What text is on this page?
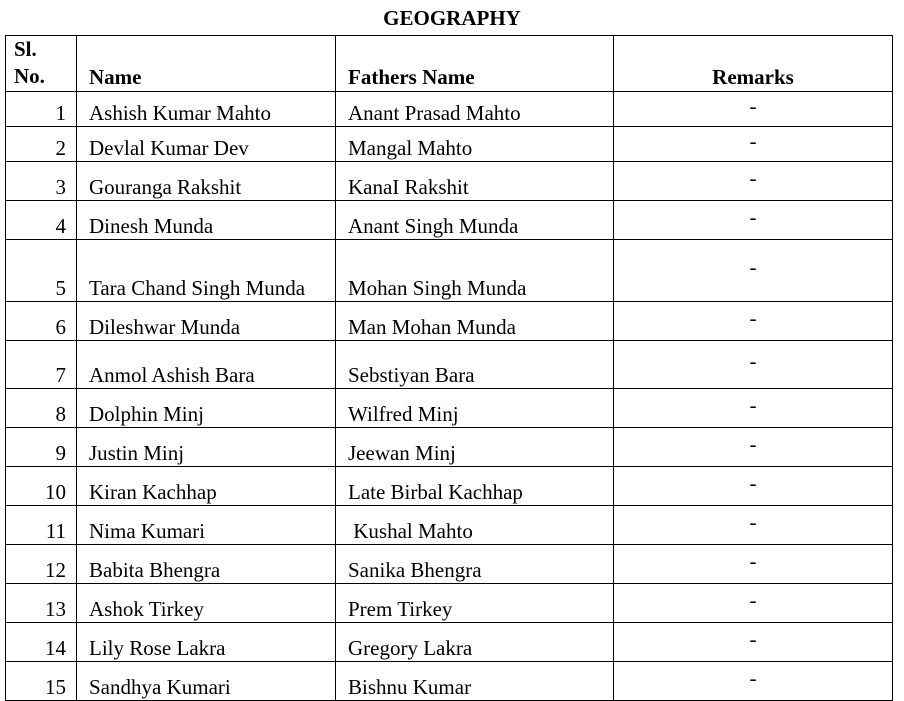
GEOGRAPHY
Sl.
No.	Name	Fathers Name	Remarks
1	Ashish Kumar Mahto	Anant Prasad Mahto	-
2	Devlal Kumar Dev	Mangal Mahto	-
3	Gouranga Rakshit	KanaI Rakshit	-
4	Dinesh Munda	Anant Singh Munda	-
5	Tara Chand Singh Munda	Mohan Singh Munda	-
6	Dileshwar Munda	Man Mohan Munda	-
7	Anmol Ashish Bara	Sebstiyan Bara	-
8	Dolphin Minj	Wilfred Minj	-
9	Justin Minj	Jeewan Minj	-
10	Kiran Kachhap	Late Birbal Kachhap	-
11	Nima Kumari	Kushal Mahto	-
12	Babita Bhengra	Sanika Bhengra	-
13	Ashok Tirkey	Prem Tirkey	-
14	Lily Rose Lakra	Gregory Lakra	-
15	Sandhya Kumari	Bishnu Kumar	-
